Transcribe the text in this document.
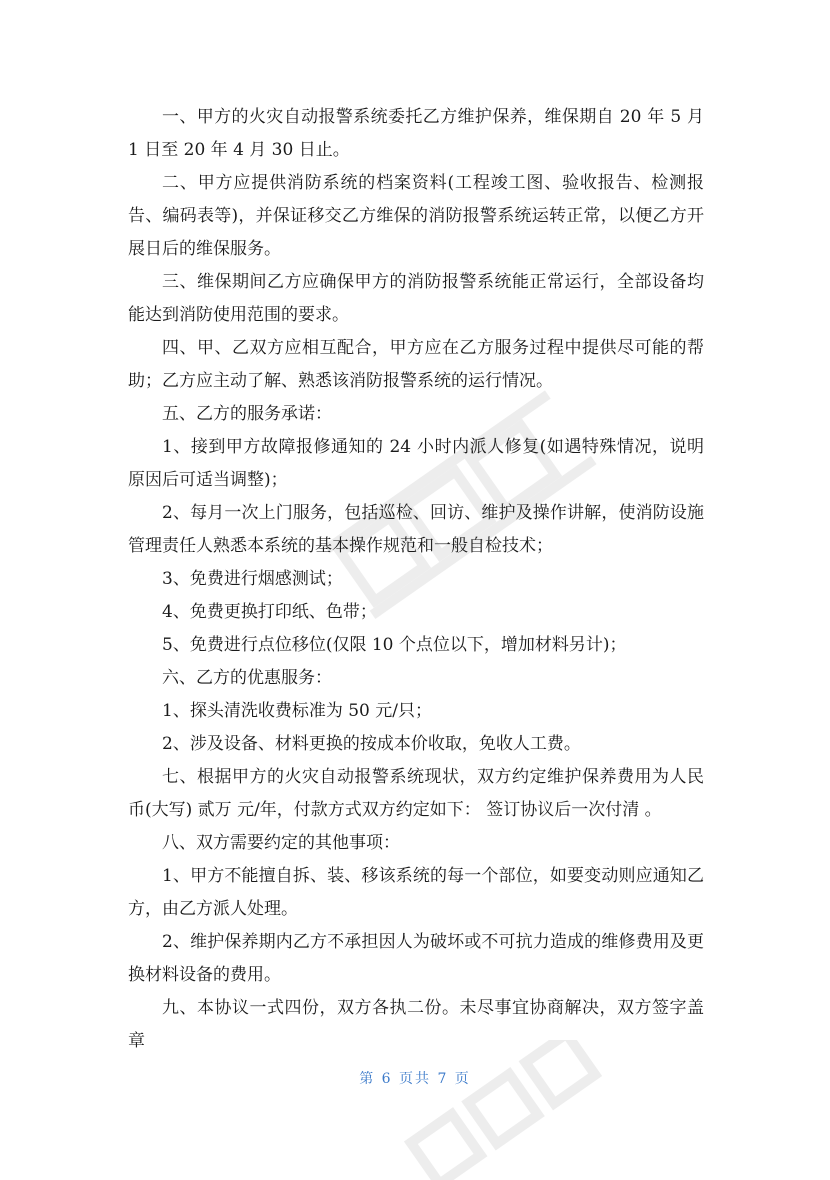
一、甲方的火灾自动报警系统委托乙方维护保养，维保期自 20 年 5 月 1 日至 20 年 4 月 30 日止。

二、甲方应提供消防系统的档案资料(工程竣工图、验收报告、检测报告、编码表等)，并保证移交乙方维保的消防报警系统运转正常，以便乙方开展日后的维保服务。

三、维保期间乙方应确保甲方的消防报警系统能正常运行，全部设备均能达到消防使用范围的要求。

四、甲、乙双方应相互配合，甲方应在乙方服务过程中提供尽可能的帮助；乙方应主动了解、熟悉该消防报警系统的运行情况。

五、乙方的服务承诺：

1、接到甲方故障报修通知的 24 小时内派人修复(如遇特殊情况，说明原因后可适当调整)；

2、每月一次上门服务，包括巡检、回访、维护及操作讲解，使消防设施管理责任人熟悉本系统的基本操作规范和一般自检技术；

3、免费进行烟感测试；

4、免费更换打印纸、色带；

5、免费进行点位移位(仅限 10 个点位以下，增加材料另计)；

六、乙方的优惠服务：

1、探头清洗收费标准为 50 元/只；

2、涉及设备、材料更换的按成本价收取，免收人工费。

七、根据甲方的火灾自动报警系统现状，双方约定维护保养费用为人民币(大写) 贰万 元/年，付款方式双方约定如下： 签订协议后一次付清 。

八、双方需要约定的其他事项：

1、甲方不能擅自拆、装、移该系统的每一个部位，如要变动则应通知乙方，由乙方派人处理。

2、维护保养期内乙方不承担因人为破坏或不可抗力造成的维修费用及更换材料设备的费用。

九、本协议一式四份，双方各执二份。未尽事宜协商解决，双方签字盖章

第 6 页共 7 页
